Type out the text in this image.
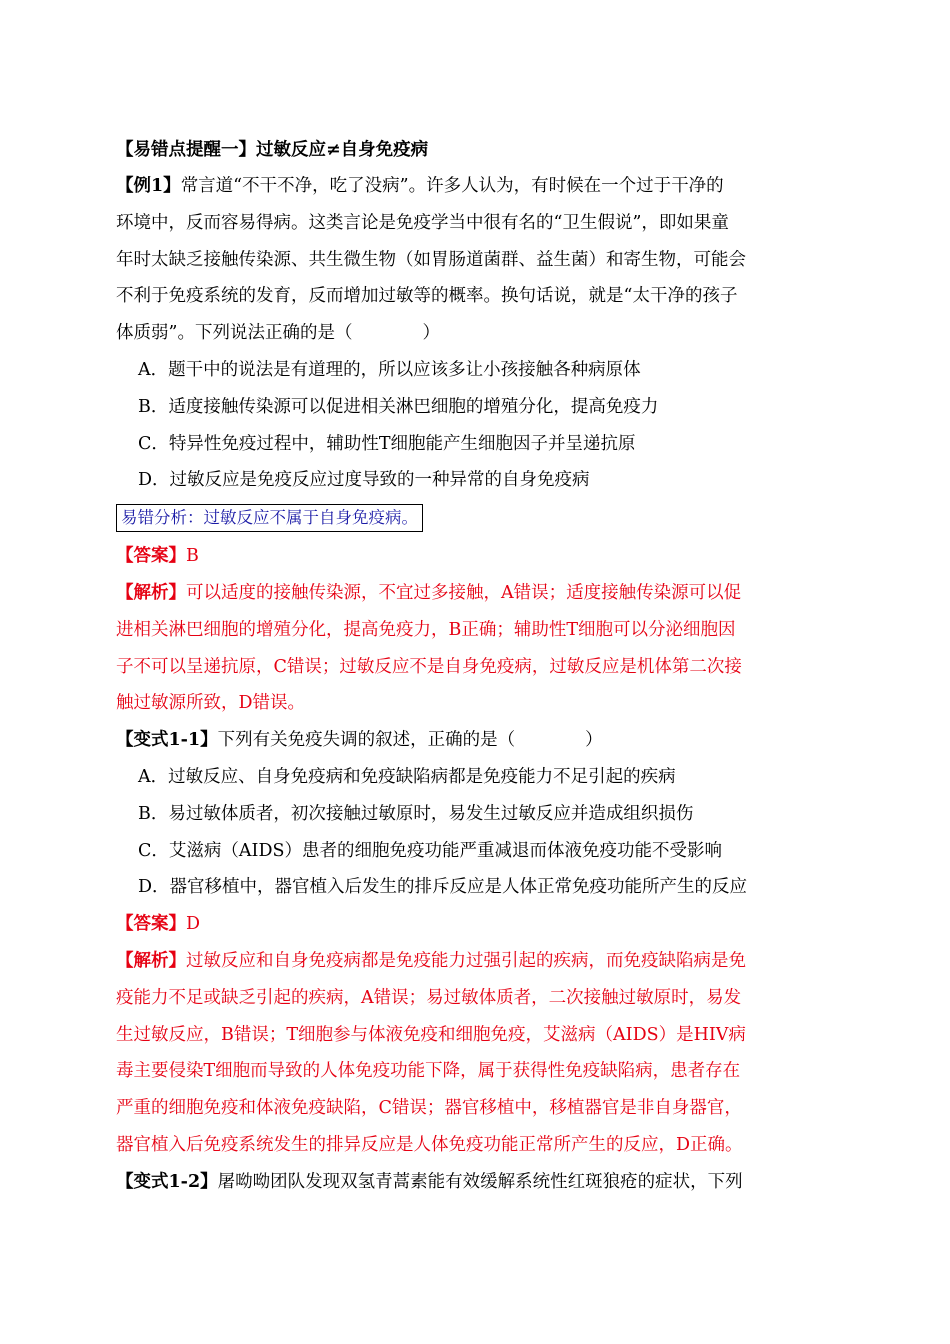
【易错点提醒一】过敏反应≠自身免疫病
【例1】常言道“不干不净，吃了没病”。许多人认为，有时候在一个过于干净的
环境中，反而容易得病。这类言论是免疫学当中很有名的“卫生假说”，即如果童
年时太缺乏接触传染源、共生微生物（如胃肠道菌群、益生菌）和寄生物，可能会
不利于免疫系统的发育，反而增加过敏等的概率。换句话说，就是“太干净的孩子
体质弱”。下列说法正确的是（　　　　）
A．题干中的说法是有道理的，所以应该多让小孩接触各种病原体
B．适度接触传染源可以促进相关淋巴细胞的增殖分化，提高免疫力
C．特异性免疫过程中，辅助性T细胞能产生细胞因子并呈递抗原
D．过敏反应是免疫反应过度导致的一种异常的自身免疫病
易错分析：过敏反应不属于自身免疫病。
【答案】B
【解析】可以适度的接触传染源，不宜过多接触，A错误；适度接触传染源可以促
进相关淋巴细胞的增殖分化，提高免疫力，B正确；辅助性T细胞可以分泌细胞因
子不可以呈递抗原，C错误；过敏反应不是自身免疫病，过敏反应是机体第二次接
触过敏源所致，D错误。
【变式1-1】下列有关免疫失调的叙述，正确的是（　　　　）
A．过敏反应、自身免疫病和免疫缺陷病都是免疫能力不足引起的疾病
B．易过敏体质者，初次接触过敏原时，易发生过敏反应并造成组织损伤
C．艾滋病（AIDS）患者的细胞免疫功能严重减退而体液免疫功能不受影响
D．器官移植中，器官植入后发生的排斥反应是人体正常免疫功能所产生的反应
【答案】D
【解析】过敏反应和自身免疫病都是免疫能力过强引起的疾病，而免疫缺陷病是免
疫能力不足或缺乏引起的疾病，A错误；易过敏体质者，二次接触过敏原时，易发
生过敏反应，B错误；T细胞参与体液免疫和细胞免疫，艾滋病（AIDS）是HIV病
毒主要侵染T细胞而导致的人体免疫功能下降，属于获得性免疫缺陷病，患者存在
严重的细胞免疫和体液免疫缺陷，C错误；器官移植中，移植器官是非自身器官，
器官植入后免疫系统发生的排异反应是人体免疫功能正常所产生的反应，D正确。
【变式1-2】屠呦呦团队发现双氢青蒿素能有效缓解系统性红斑狼疮的症状，下列
